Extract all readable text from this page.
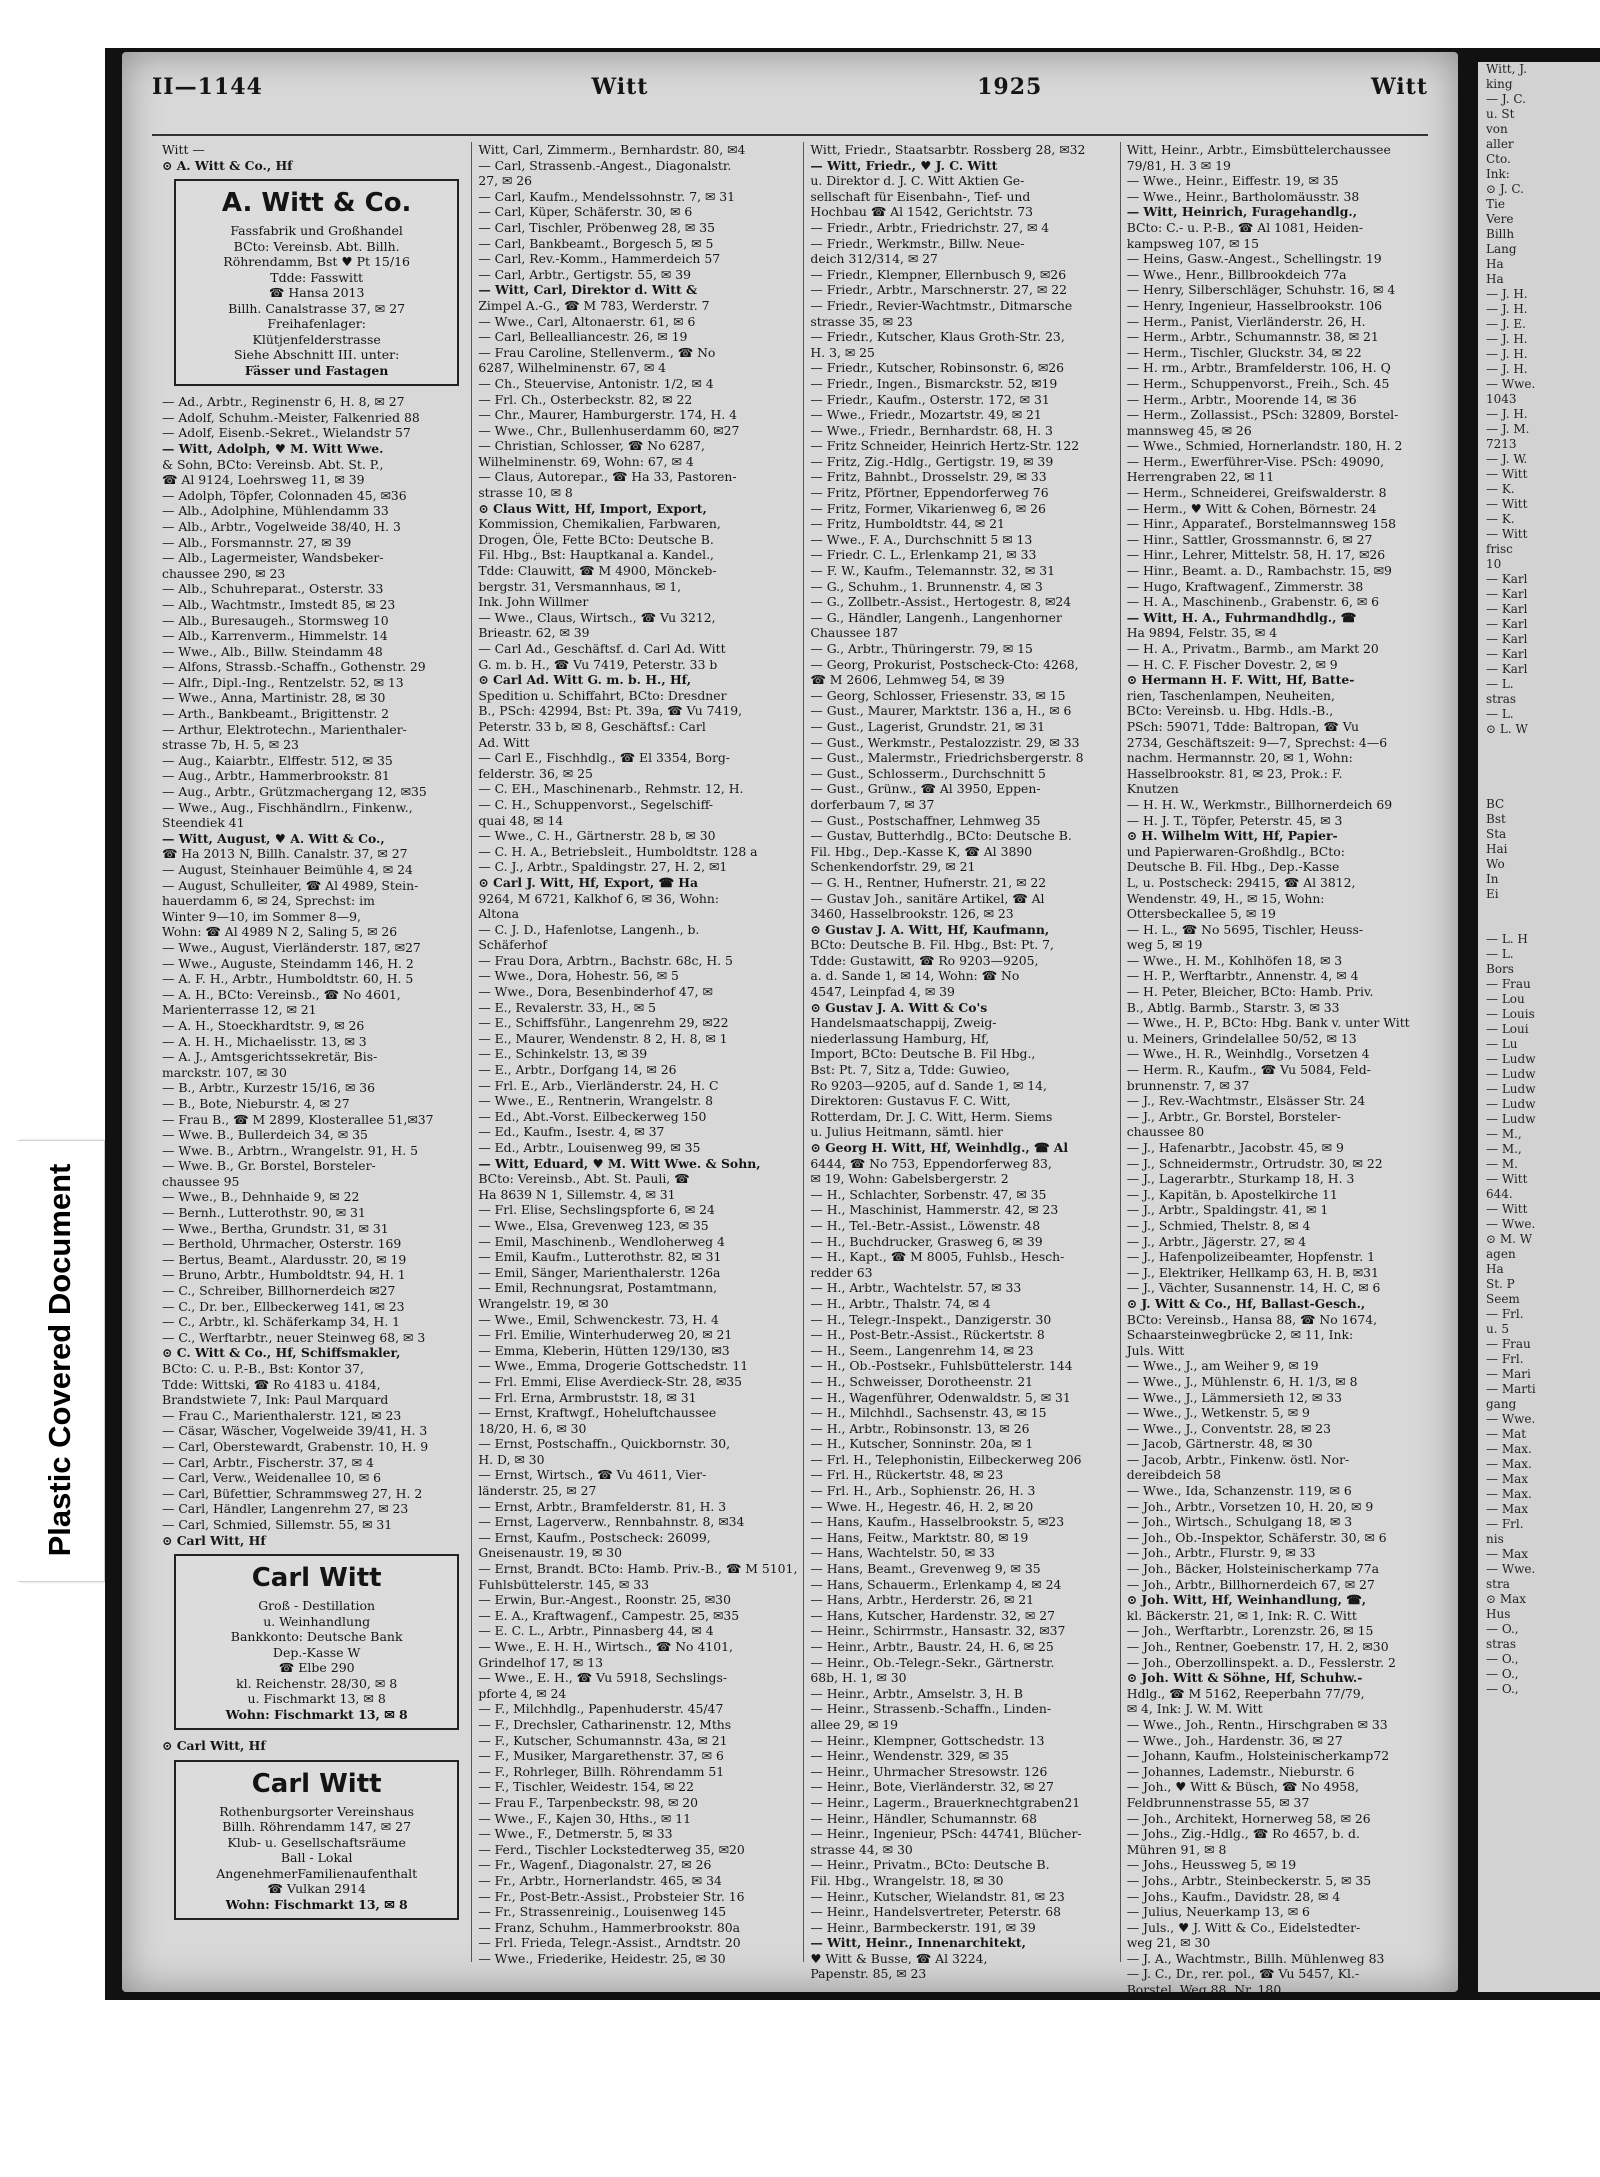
Plastic Covered Document
II—1144	Witt	1925	Witt
Witt —
⊙ A. Witt & Co., Hf
A. Witt & Co.
Fassfabrik und Großhandel
BCto: Vereinsb. Abt. Billh.
Röhrendamm, Bst ♥ Pt 15/16
Tdde: Fasswitt
☎ Hansa 2013
Billh. Canalstrasse 37, ✉ 27
Freihafenlager:
Klütjenfelderstrasse
Siehe Abschnitt III. unter:
Fässer und Fastagen
— Ad., Arbtr., Reginenstr 6, H. 8, ✉ 27
— Adolf, Schuhm.-Meister, Falkenried 88
— Adolf, Eisenb.-Sekret., Wielandstr 57
— Witt, Adolph, ♥ M. Witt Wwe.
& Sohn, BCto: Vereinsb. Abt. St. P.,
☎ Al 9124, Loehrsweg 11, ✉ 39
— Adolph, Töpfer, Colonnaden 45, ✉36
— Alb., Adolphine, Mühlendamm 33
— Alb., Arbtr., Vogelweide 38/40, H. 3
— Alb., Forsmannstr. 27, ✉ 39
— Alb., Lagermeister, Wandsbeker-
chaussee 290, ✉ 23
— Alb., Schuhreparat., Osterstr. 33
— Alb., Wachtmstr., Imstedt 85, ✉ 23
— Alb., Buresaugeh., Stormsweg 10
— Alb., Karrenverm., Himmelstr. 14
— Wwe., Alb., Billw. Steindamm 48
— Alfons, Strassb.-Schaffn., Gothenstr. 29
— Alfr., Dipl.-Ing., Rentzelstr. 52, ✉ 13
— Wwe., Anna, Martinistr. 28, ✉ 30
— Arth., Bankbeamt., Brigittenstr. 2
— Arthur, Elektrotechn., Marienthaler-
strasse 7b, H. 5, ✉ 23
— Aug., Kaiarbtr., Elffestr. 512, ✉ 35
— Aug., Arbtr., Hammerbrookstr. 81
— Aug., Arbtr., Grützmachergang 12, ✉35
— Wwe., Aug., Fischhändlrn., Finkenw.,
Steendiek 41
— Witt, August, ♥ A. Witt & Co.,
☎ Ha 2013 N, Billh. Canalstr. 37, ✉ 27
— August, Steinhauer Beimühle 4, ✉ 24
— August, Schulleiter, ☎ Al 4989, Stein-
hauerdamm 6, ✉ 24, Sprechst: im
Winter 9—10, im Sommer 8—9,
Wohn: ☎ Al 4989 N 2, Saling 5, ✉ 26
— Wwe., August, Vierländerstr. 187, ✉27
— Wwe., Auguste, Steindamm 146, H. 2
— A. F. H., Arbtr., Humboldtstr. 60, H. 5
— A. H., BCto: Vereinsb., ☎ No 4601,
Marienterrasse 12, ✉ 21
— A. H., Stoeckhardtstr. 9, ✉ 26
— A. H. H., Michaelisstr. 13, ✉ 3
— A. J., Amtsgerichtssekretär, Bis-
marckstr. 107, ✉ 30
— B., Arbtr., Kurzestr 15/16, ✉ 36
— B., Bote, Nieburstr. 4, ✉ 27
— Frau B., ☎ M 2899, Klosterallee 51,✉37
— Wwe. B., Bullerdeich 34, ✉ 35
— Wwe. B., Arbtrn., Wrangelstr. 91, H. 5
— Wwe. B., Gr. Borstel, Borsteler-
chaussee 95
— Wwe., B., Dehnhaide 9, ✉ 22
— Bernh., Lutterothstr. 90, ✉ 31
— Wwe., Bertha, Grundstr. 31, ✉ 31
— Berthold, Uhrmacher, Osterstr. 169
— Bertus, Beamt., Alardusstr. 20, ✉ 19
— Bruno, Arbtr., Humboldtstr. 94, H. 1
— C., Schreiber, Billhornerdeich ✉27
— C., Dr. ber., Ellbeckerweg 141, ✉ 23
— C., Arbtr., kl. Schäferkamp 34, H. 1
— C., Werftarbtr., neuer Steinweg 68, ✉ 3
⊙ C. Witt & Co., Hf, Schiffsmakler,
BCto: C. u. P.-B., Bst: Kontor 37,
Tdde: Wittski, ☎ Ro 4183 u. 4184,
Brandstwiete 7, Ink: Paul Marquard
— Frau C., Marienthalerstr. 121, ✉ 23
— Cäsar, Wäscher, Vogelweide 39/41, H. 3
— Carl, Oberstewardt, Grabenstr. 10, H. 9
— Carl, Arbtr., Fischerstr. 37, ✉ 4
— Carl, Verw., Weidenallee 10, ✉ 6
— Carl, Büfettier, Schrammsweg 27, H. 2
— Carl, Händler, Langenrehm 27, ✉ 23
— Carl, Schmied, Sillemstr. 55, ✉ 31
⊙ Carl Witt, Hf
Carl Witt
Groß - Destillation
u. Weinhandlung
Bankkonto: Deutsche Bank
Dep.-Kasse W
☎ Elbe 290
kl. Reichenstr. 28/30, ✉ 8
u. Fischmarkt 13, ✉ 8
Wohn: Fischmarkt 13, ✉ 8
⊙ Carl Witt, Hf
Carl Witt
Rothenburgsorter Vereinshaus
Billh. Röhrendamm 147, ✉ 27
Klub- u. Gesellschaftsräume
Ball - Lokal
AngenehmerFamilienaufenthalt
☎ Vulkan 2914
Wohn: Fischmarkt 13, ✉ 8
Witt, Carl, Zimmerm., Bernhardstr. 80, ✉4
— Carl, Strassenb.-Angest., Diagonalstr.
27, ✉ 26
— Carl, Kaufm., Mendelssohnstr. 7, ✉ 31
— Carl, Küper, Schäferstr. 30, ✉ 6
— Carl, Tischler, Pröbenweg 28, ✉ 35
— Carl, Bankbeamt., Borgesch 5, ✉ 5
— Carl, Rev.-Komm., Hammerdeich 57
— Carl, Arbtr., Gertigstr. 55, ✉ 39
— Witt, Carl, Direktor d. Witt &
Zimpel A.-G., ☎ M 783, Werderstr. 7
— Wwe., Carl, Altonaerstr. 61, ✉ 6
— Carl, Bellealliancestr. 26, ✉ 19
— Frau Caroline, Stellenverm., ☎ No
6287, Wilhelminenstr. 67, ✉ 4
— Ch., Steuervise, Antonistr. 1/2, ✉ 4
— Frl. Ch., Osterbeckstr. 82, ✉ 22
— Chr., Maurer, Hamburgerstr. 174, H. 4
— Wwe., Chr., Bullenhuserdamm 60, ✉27
— Christian, Schlosser, ☎ No 6287,
Wilhelminenstr. 69, Wohn: 67, ✉ 4
— Claus, Autorepar., ☎ Ha 33, Pastoren-
strasse 10, ✉ 8
⊙ Claus Witt, Hf, Import, Export,
Kommission, Chemikalien, Farbwaren,
Drogen, Öle, Fette BCto: Deutsche B.
Fil. Hbg., Bst: Hauptkanal a. Kandel.,
Tdde: Clauwitt, ☎ M 4900, Mönckeb-
bergstr. 31, Versmannhaus, ✉ 1,
Ink. John Willmer
— Wwe., Claus, Wirtsch., ☎ Vu 3212,
Brieastr. 62, ✉ 39
— Carl Ad., Geschäftsf. d. Carl Ad. Witt
G. m. b. H., ☎ Vu 7419, Peterstr. 33 b
⊙ Carl Ad. Witt G. m. b. H., Hf,
Spedition u. Schiffahrt, BCto: Dresdner
B., PSch: 42994, Bst: Pt. 39a, ☎ Vu 7419,
Peterstr. 33 b, ✉ 8, Geschäftsf.: Carl
Ad. Witt
— Carl E., Fischhdlg., ☎ El 3354, Borg-
felderstr. 36, ✉ 25
— C. EH., Maschinenarb., Rehmstr. 12, H.
— C. H., Schuppenvorst., Segelschiff-
quai 48, ✉ 14
— Wwe., C. H., Gärtnerstr. 28 b, ✉ 30
— C. H. A., Betriebsleit., Humboldtstr. 128 a
— C. J., Arbtr., Spaldingstr. 27, H. 2, ✉1
⊙ Carl J. Witt, Hf, Export, ☎ Ha
9264, M 6721, Kalkhof 6, ✉ 36, Wohn:
Altona
— C. J. D., Hafenlotse, Langenh., b.
Schäferhof
— Frau Dora, Arbtrn., Bachstr. 68c, H. 5
— Wwe., Dora, Hohestr. 56, ✉ 5
— Wwe., Dora, Besenbinderhof 47, ✉
— E., Revalerstr. 33, H., ✉ 5
— E., Schiffsführ., Langenrehm 29, ✉22
— E., Maurer, Wendenstr. 8 2, H. 8, ✉ 1
— E., Schinkelstr. 13, ✉ 39
— E., Arbtr., Dorfgang 14, ✉ 26
— Frl. E., Arb., Vierländerstr. 24, H. C
— Wwe., E., Rentnerin, Wrangelstr. 8
— Ed., Abt.-Vorst. Eilbeckerweg 150
— Ed., Kaufm., Isestr. 4, ✉ 37
— Ed., Arbtr., Louisenweg 99, ✉ 35
— Witt, Eduard, ♥ M. Witt Wwe. & Sohn,
BCto: Vereinsb., Abt. St. Pauli, ☎
Ha 8639 N 1, Sillemstr. 4, ✉ 31
— Frl. Elise, Sechslingspforte 6, ✉ 24
— Wwe., Elsa, Grevenweg 123, ✉ 35
— Emil, Maschinenb., Wendloherweg 4
— Emil, Kaufm., Lutterothstr. 82, ✉ 31
— Emil, Sänger, Marienthalerstr. 126a
— Emil, Rechnungsrat, Postamtmann,
Wrangelstr. 19, ✉ 30
— Wwe., Emil, Schwenckestr. 73, H. 4
— Frl. Emilie, Winterhuderweg 20, ✉ 21
— Emma, Kleberin, Hütten 129/130, ✉3
— Wwe., Emma, Drogerie Gottschedstr. 11
— Frl. Emmi, Elise Averdieck-Str. 28, ✉35
— Frl. Erna, Armbruststr. 18, ✉ 31
— Ernst, Kraftwgf., Hoheluftchaussee
18/20, H. 6, ✉ 30
— Ernst, Postschaffn., Quickbornstr. 30,
H. D, ✉ 30
— Ernst, Wirtsch., ☎ Vu 4611, Vier-
länderstr. 25, ✉ 27
— Ernst, Arbtr., Bramfelderstr. 81, H. 3
— Ernst, Lagerverw., Rennbahnstr. 8, ✉34
— Ernst, Kaufm., Postscheck: 26099,
Gneisenaustr. 19, ✉ 30
— Ernst, Brandt. BCto: Hamb. Priv.-B., ☎ M 5101,
Fuhlsbüttelerstr. 145, ✉ 33
— Erwin, Bur.-Angest., Roonstr. 25, ✉30
— E. A., Kraftwagenf., Campestr. 25, ✉35
— E. C. L., Arbtr., Pinnasberg 44, ✉ 4
— Wwe., E. H. H., Wirtsch., ☎ No 4101,
Grindelhof 17, ✉ 13
— Wwe., E. H., ☎ Vu 5918, Sechslings-
pforte 4, ✉ 24
— F., Milchhdlg., Papenhuderstr. 45/47
— F., Drechsler, Catharinenstr. 12, Mths
— F., Kutscher, Schumannstr. 43a, ✉ 21
— F., Musiker, Margarethenstr. 37, ✉ 6
— F., Rohrleger, Billh. Röhrendamm 51
— F., Tischler, Weidestr. 154, ✉ 22
— Frau F., Tarpenbeckstr. 98, ✉ 20
— Wwe., F., Kajen 30, Hths., ✉ 11
— Wwe., F., Detmerstr. 5, ✉ 33
— Ferd., Tischler Lockstedterweg 35, ✉20
— Fr., Wagenf., Diagonalstr. 27, ✉ 26
— Fr., Arbtr., Hornerlandstr. 465, ✉ 34
— Fr., Post-Betr.-Assist., Probsteier Str. 16
— Fr., Strassenreinig., Louisenweg 145
— Franz, Schuhm., Hammerbrookstr. 80a
— Frl. Frieda, Telegr.-Assist., Arndtstr. 20
— Wwe., Friederike, Heidestr. 25, ✉ 30
Witt, Friedr., Staatsarbtr. Rossberg 28, ✉32
— Witt, Friedr., ♥ J. C. Witt
u. Direktor d. J. C. Witt Aktien Ge-
sellschaft für Eisenbahn-, Tief- und
Hochbau ☎ Al 1542, Gerichtstr. 73
— Friedr., Arbtr., Friedrichstr. 27, ✉ 4
— Friedr., Werkmstr., Billw. Neue-
deich 312/314, ✉ 27
— Friedr., Klempner, Ellernbusch 9, ✉26
— Friedr., Arbtr., Marschnerstr. 27, ✉ 22
— Friedr., Revier-Wachtmstr., Ditmarsche
strasse 35, ✉ 23
— Friedr., Kutscher, Klaus Groth-Str. 23,
H. 3, ✉ 25
— Friedr., Kutscher, Robinsonstr. 6, ✉26
— Friedr., Ingen., Bismarckstr. 52, ✉19
— Friedr., Kaufm., Osterstr. 172, ✉ 31
— Wwe., Friedr., Mozartstr. 49, ✉ 21
— Wwe., Friedr., Bernhardstr. 68, H. 3
— Fritz Schneider, Heinrich Hertz-Str. 122
— Fritz, Zig.-Hdlg., Gertigstr. 19, ✉ 39
— Fritz, Bahnbt., Drosselstr. 29, ✉ 33
— Fritz, Pförtner, Eppendorferweg 76
— Fritz, Former, Vikarienweg 6, ✉ 26
— Fritz, Humboldtstr. 44, ✉ 21
— Wwe., F. A., Durchschnitt 5 ✉ 13
— Friedr. C. L., Erlenkamp 21, ✉ 33
— F. W., Kaufm., Telemannstr. 32, ✉ 31
— G., Schuhm., 1. Brunnenstr. 4, ✉ 3
— G., Zollbetr.-Assist., Hertogestr. 8, ✉24
— G., Händler, Langenh., Langenhorner
Chaussee 187
— G., Arbtr., Thüringerstr. 79, ✉ 15
— Georg, Prokurist, Postscheck-Cto: 4268,
☎ M 2606, Lehmweg 54, ✉ 39
— Georg, Schlosser, Friesenstr. 33, ✉ 15
— Gust., Maurer, Marktstr. 136 a, H., ✉ 6
— Gust., Lagerist, Grundstr. 21, ✉ 31
— Gust., Werkmstr., Pestalozzistr. 29, ✉ 33
— Gust., Malermstr., Friedrichsbergerstr. 8
— Gust., Schlosserm., Durchschnitt 5
— Gust., Grünw., ☎ Al 3950, Eppen-
dorferbaum 7, ✉ 37
— Gust., Postschaffner, Lehmweg 35
— Gustav, Butterhdlg., BCto: Deutsche B.
Fil. Hbg., Dep.-Kasse K, ☎ Al 3890
Schenkendorfstr. 29, ✉ 21
— G. H., Rentner, Hufnerstr. 21, ✉ 22
— Gustav Joh., sanitäre Artikel, ☎ Al
3460, Hasselbrookstr. 126, ✉ 23
⊙ Gustav J. A. Witt, Hf, Kaufmann,
BCto: Deutsche B. Fil. Hbg., Bst: Pt. 7,
Tdde: Gustawitt, ☎ Ro 9203—9205,
a. d. Sande 1, ✉ 14, Wohn: ☎ No
4547, Leinpfad 4, ✉ 39
⊙ Gustav J. A. Witt & Co's
Handelsmaatschappij, Zweig-
niederlassung Hamburg, Hf,
Import, BCto: Deutsche B. Fil Hbg.,
Bst: Pt. 7, Sitz a, Tdde: Guwieo,
Ro 9203—9205, auf d. Sande 1, ✉ 14,
Direktoren: Gustavus F. C. Witt,
Rotterdam, Dr. J. C. Witt, Herm. Siems
u. Julius Heitmann, sämtl. hier
⊙ Georg H. Witt, Hf, Weinhdlg., ☎ Al
6444, ☎ No 753, Eppendorferweg 83,
✉ 19, Wohn: Gabelsbergerstr. 2
— H., Schlachter, Sorbenstr. 47, ✉ 35
— H., Maschinist, Hammerstr. 42, ✉ 23
— H., Tel.-Betr.-Assist., Löwenstr. 48
— H., Buchdrucker, Grasweg 6, ✉ 39
— H., Kapt., ☎ M 8005, Fuhlsb., Hesch-
redder 63
— H., Arbtr., Wachtelstr. 57, ✉ 33
— H., Arbtr., Thalstr. 74, ✉ 4
— H., Telegr.-Inspekt., Danzigerstr. 30
— H., Post-Betr.-Assist., Rückertstr. 8
— H., Seem., Langenrehm 14, ✉ 23
— H., Ob.-Postsekr., Fuhlsbüttelerstr. 144
— H., Schweisser, Dorotheenstr. 21
— H., Wagenführer, Odenwaldstr. 5, ✉ 31
— H., Milchhdl., Sachsenstr. 43, ✉ 15
— H., Arbtr., Robinsonstr. 13, ✉ 26
— H., Kutscher, Sonninstr. 20a, ✉ 1
— Frl. H., Telephonistin, Eilbeckerweg 206
— Frl. H., Rückertstr. 48, ✉ 23
— Frl. H., Arb., Sophienstr. 26, H. 3
— Wwe. H., Hegestr. 46, H. 2, ✉ 20
— Hans, Kaufm., Hasselbrookstr. 5, ✉23
— Hans, Feitw., Marktstr. 80, ✉ 19
— Hans, Wachtelstr. 50, ✉ 33
— Hans, Beamt., Grevenweg 9, ✉ 35
— Hans, Schauerm., Erlenkamp 4, ✉ 24
— Hans, Arbtr., Herderstr. 26, ✉ 21
— Hans, Kutscher, Hardenstr. 32, ✉ 27
— Heinr., Schirrmstr., Hansastr. 32, ✉37
— Heinr., Arbtr., Baustr. 24, H. 6, ✉ 25
— Heinr., Ob.-Telegr.-Sekr., Gärtnerstr.
68b, H. 1, ✉ 30
— Heinr., Arbtr., Amselstr. 3, H. B
— Heinr., Strassenb.-Schaffn., Linden-
allee 29, ✉ 19
— Heinr., Klempner, Gottschedstr. 13
— Heinr., Wendenstr. 329, ✉ 35
— Heinr., Uhrmacher Stresowstr. 126
— Heinr., Bote, Vierländerstr. 32, ✉ 27
— Heinr., Lagerm., Brauerknechtgraben21
— Heinr., Händler, Schumannstr. 68
— Heinr., Ingenieur, PSch: 44741, Blücher-
strasse 44, ✉ 30
— Heinr., Privatm., BCto: Deutsche B.
Fil. Hbg., Wrangelstr. 18, ✉ 30
— Heinr., Kutscher, Wielandstr. 81, ✉ 23
— Heinr., Handelsvertreter, Peterstr. 68
— Heinr., Barmbeckerstr. 191, ✉ 39
— Witt, Heinr., Innenarchitekt,
♥ Witt & Busse, ☎ Al 3224,
Papenstr. 85, ✉ 23
Witt, Heinr., Arbtr., Eimsbüttelerchaussee
79/81, H. 3 ✉ 19
— Wwe., Heinr., Eiffestr. 19, ✉ 35
— Wwe., Heinr., Bartholomäusstr. 38
— Witt, Heinrich, Furagehandlg.,
BCto: C.- u. P.-B., ☎ Al 1081, Heiden-
kampsweg 107, ✉ 15
— Heins, Gasw.-Angest., Schellingstr. 19
— Wwe., Henr., Billbrookdeich 77a
— Henry, Silberschläger, Schuhstr. 16, ✉ 4
— Henry, Ingenieur, Hasselbrookstr. 106
— Herm., Panist, Vierländerstr. 26, H.
— Herm., Arbtr., Schumannstr. 38, ✉ 21
— Herm., Tischler, Gluckstr. 34, ✉ 22
— H. rm., Arbtr., Bramfelderstr. 106, H. Q
— Herm., Schuppenvorst., Freih., Sch. 45
— Herm., Arbtr., Moorende 14, ✉ 36
— Herm., Zollassist., PSch: 32809, Borstel-
mannsweg 45, ✉ 26
— Wwe., Schmied, Hornerlandstr. 180, H. 2
— Herm., Ewerführer-Vise. PSch: 49090,
Herrengraben 22, ✉ 11
— Herm., Schneiderei, Greifswalderstr. 8
— Herm., ♥ Witt & Cohen, Börnestr. 24
— Hinr., Apparatef., Borstelmannsweg 158
— Hinr., Sattler, Grossmannstr. 6, ✉ 27
— Hinr., Lehrer, Mittelstr. 58, H. 17, ✉26
— Hinr., Beamt. a. D., Rambachstr. 15, ✉9
— Hugo, Kraftwagenf., Zimmerstr. 38
— H. A., Maschinenb., Grabenstr. 6, ✉ 6
— Witt, H. A., Fuhrmandhdlg., ☎
Ha 9894, Felstr. 35, ✉ 4
— H. A., Privatm., Barmb., am Markt 20
— H. C. F. Fischer Dovestr. 2, ✉ 9
⊙ Hermann H. F. Witt, Hf, Batte-
rien, Taschenlampen, Neuheiten,
BCto: Vereinsb. u. Hbg. Hdls.-B.,
PSch: 59071, Tdde: Baltropan, ☎ Vu
2734, Geschäftszeit: 9—7, Sprechst: 4—6
nachm. Hermannstr. 20, ✉ 1, Wohn:
Hasselbrookstr. 81, ✉ 23, Prok.: F.
Knutzen
— H. H. W., Werkmstr., Billhornerdeich 69
— H. J. T., Töpfer, Peterstr. 45, ✉ 3
⊙ H. Wilhelm Witt, Hf, Papier-
und Papierwaren-Großhdlg., BCto:
Deutsche B. Fil. Hbg., Dep.-Kasse
L, u. Postscheck: 29415, ☎ Al 3812,
Wendenstr. 49, H., ✉ 15, Wohn:
Ottersbeckallee 5, ✉ 19
— H. L., ☎ No 5695, Tischler, Heuss-
weg 5, ✉ 19
— Wwe., H. M., Kohlhöfen 18, ✉ 3
— H. P., Werftarbtr., Annenstr. 4, ✉ 4
— H. Peter, Bleicher, BCto: Hamb. Priv.
B., Abtlg. Barmb., Starstr. 3, ✉ 33
— Wwe., H. P., BCto: Hbg. Bank v. unter Witt
u. Meiners, Grindelallee 50/52, ✉ 13
— Wwe., H. R., Weinhdlg., Vorsetzen 4
— Herm. R., Kaufm., ☎ Vu 5084, Feld-
brunnenstr. 7, ✉ 37
— J., Rev.-Wachtmstr., Elsässer Str. 24
— J., Arbtr., Gr. Borstel, Borsteler-
chaussee 80
— J., Hafenarbtr., Jacobstr. 45, ✉ 9
— J., Schneidermstr., Ortrudstr. 30, ✉ 22
— J., Lagerarbtr., Sturkamp 18, H. 3
— J., Kapitän, b. Apostelkirche 11
— J., Arbtr., Spaldingstr. 41, ✉ 1
— J., Schmied, Thelstr. 8, ✉ 4
— J., Arbtr., Jägerstr. 27, ✉ 4
— J., Hafenpolizeibeamter, Hopfenstr. 1
— J., Elektriker, Hellkamp 63, H. B, ✉31
— J., Vächter, Susannenstr. 14, H. C, ✉ 6
⊙ J. Witt & Co., Hf, Ballast-Gesch.,
BCto: Vereinsb., Hansa 88, ☎ No 1674,
Schaarsteinwegbrücke 2, ✉ 11, Ink:
Juls. Witt
— Wwe., J., am Weiher 9, ✉ 19
— Wwe., J., Mühlenstr. 6, H. 1/3, ✉ 8
— Wwe., J., Lämmersieth 12, ✉ 33
— Wwe., J., Wetkenstr. 5, ✉ 9
— Wwe., J., Conventstr. 28, ✉ 23
— Jacob, Gärtnerstr. 48, ✉ 30
— Jacob, Arbtr., Finkenw. östl. Nor-
dereibdeich 58
— Wwe., Ida, Schanzenstr. 119, ✉ 6
— Joh., Arbtr., Vorsetzen 10, H. 20, ✉ 9
— Joh., Wirtsch., Schulgang 18, ✉ 3
— Joh., Ob.-Inspektor, Schäferstr. 30, ✉ 6
— Joh., Arbtr., Flurstr. 9, ✉ 33
— Joh., Bäcker, Holsteinischerkamp 77a
— Joh., Arbtr., Billhornerdeich 67, ✉ 27
⊙ Joh. Witt, Hf, Weinhandlung, ☎,
kl. Bäckerstr. 21, ✉ 1, Ink: R. C. Witt
— Joh., Werftarbtr., Lorenzstr. 26, ✉ 15
— Joh., Rentner, Goebenstr. 17, H. 2, ✉30
— Joh., Oberzollinspekt. a. D., Fesslerstr. 2
⊙ Joh. Witt & Söhne, Hf, Schuhw.-
Hdlg., ☎ M 5162, Reeperbahn 77/79,
✉ 4, Ink: J. W. M. Witt
— Wwe., Joh., Rentn., Hirschgraben ✉ 33
— Wwe., Joh., Hardenstr. 36, ✉ 27
— Johann, Kaufm., Holsteinischerkamp72
— Johannes, Lademstr., Nieburstr. 6
— Joh., ♥ Witt & Büsch, ☎ No 4958,
Feldbrunnenstrasse 55, ✉ 37
— Joh., Architekt, Hornerweg 58, ✉ 26
— Johs., Zig.-Hdlg., ☎ Ro 4657, b. d.
Mühren 91, ✉ 8
— Johs., Heussweg 5, ✉ 19
— Johs., Arbtr., Steinbeckerstr. 5, ✉ 35
— Johs., Kaufm., Davidstr. 28, ✉ 4
— Julius, Neuerkamp 13, ✉ 6
— Juls., ♥ J. Witt & Co., Eidelstedter-
weg 21, ✉ 30
— J. A., Wachtmstr., Billh. Mühlenweg 83
— J. C., Dr., rer. pol., ☎ Vu 5457, Kl.-
Borstel, Weg 88, Nr. 180
Witt, J.
king
— J. C.
u. St
von
aller
Cto.
Ink:
⊙ J. C.
Tie
Vere
Billh
Lang
Ha
Ha
— J. H.
— J. H.
— J. E.
— J. H.
— J. H.
— J. H.
— Wwe.
1043
— J. H.
— J. M.
7213
— J. W.
— Witt
— K.
— Witt
— K.
— Witt
frisc
10
— Karl
— Karl
— Karl
— Karl
— Karl
— Karl
— Karl
— L.
stras
— L.
⊙ L. W
BC
Bst
Sta
Hai
Wo
In
Ei
— L. H
— L.
Bors
— Frau
— Lou
— Louis
— Loui
— Lu
— Ludw
— Ludw
— Ludw
— Ludw
— Ludw
— M.,
— M.,
— M.
— Witt
644.
— Witt
— Wwe.
⊙ M. W
agen
Ha
St. P
Seem
— Frl.
u. 5
— Frau
— Frl.
— Mari
— Marti
gang
— Wwe.
— Mat
— Max.
— Max.
— Max
— Max.
— Max
— Frl.
nis
— Max
— Wwe.
stra
⊙ Max
Hus
— O.,
stras
— O.,
— O.,
— O.,
